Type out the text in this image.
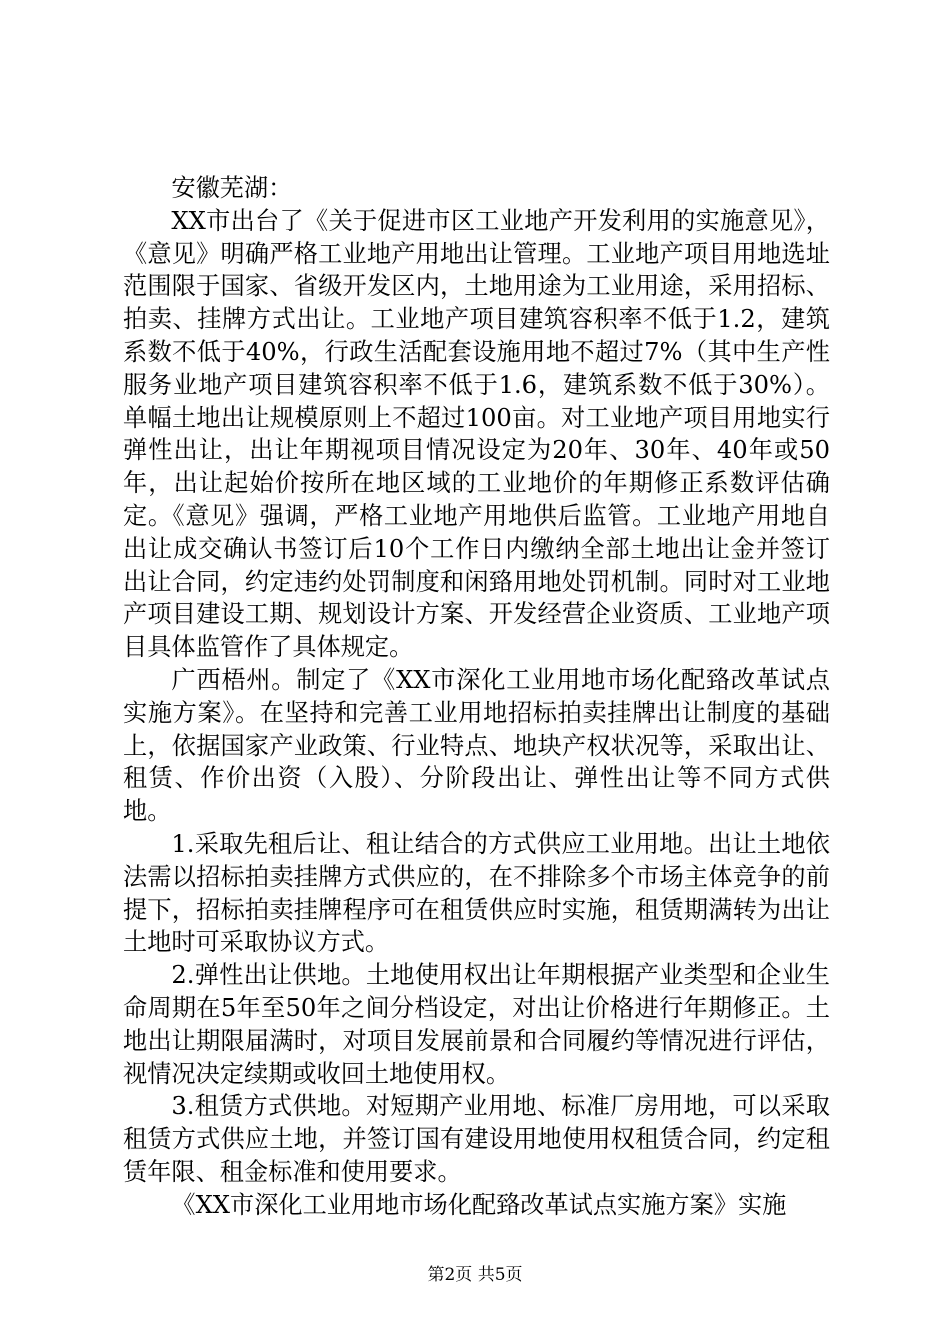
安徽芜湖：

XX市出台了《关于促进市区工业地产开发利用的实施意见》，《意见》明确严格工业地产用地出让管理。工业地产项目用地选址范围限于国家、省级开发区内，土地用途为工业用途，采用招标、拍卖、挂牌方式出让。工业地产项目建筑容积率不低于1.2，建筑系数不低于40%，行政生活配套设施用地不超过7%（其中生产性服务业地产项目建筑容积率不低于1.6，建筑系数不低于30%）。单幅土地出让规模原则上不超过100亩。对工业地产项目用地实行弹性出让，出让年期视项目情况设定为20年、30年、40年或50年，出让起始价按所在地区域的工业地价的年期修正系数评估确定。《意见》强调，严格工业地产用地供后监管。工业地产用地自出让成交确认书签订后10个工作日内缴纳全部土地出让金并签订出让合同，约定违约处罚制度和闲臵用地处罚机制。同时对工业地产项目建设工期、规划设计方案、开发经营企业资质、工业地产项目具体监管作了具体规定。

广西梧州。制定了《XX市深化工业用地市场化配臵改革试点实施方案》。在坚持和完善工业用地招标拍卖挂牌出让制度的基础上，依据国家产业政策、行业特点、地块产权状况等，采取出让、租赁、作价出资（入股）、分阶段出让、弹性出让等不同方式供地。

1.采取先租后让、租让结合的方式供应工业用地。出让土地依法需以招标拍卖挂牌方式供应的，在不排除多个市场主体竞争的前提下，招标拍卖挂牌程序可在租赁供应时实施，租赁期满转为出让土地时可采取协议方式。

2.弹性出让供地。土地使用权出让年期根据产业类型和企业生命周期在5年至50年之间分档设定，对出让价格进行年期修正。土地出让期限届满时，对项目发展前景和合同履约等情况进行评估，视情况决定续期或收回土地使用权。

3.租赁方式供地。对短期产业用地、标准厂房用地，可以采取租赁方式供应土地，并签订国有建设用地使用权租赁合同，约定租赁年限、租金标准和使用要求。

《XX市深化工业用地市场化配臵改革试点实施方案》实施

第2页 共5页
